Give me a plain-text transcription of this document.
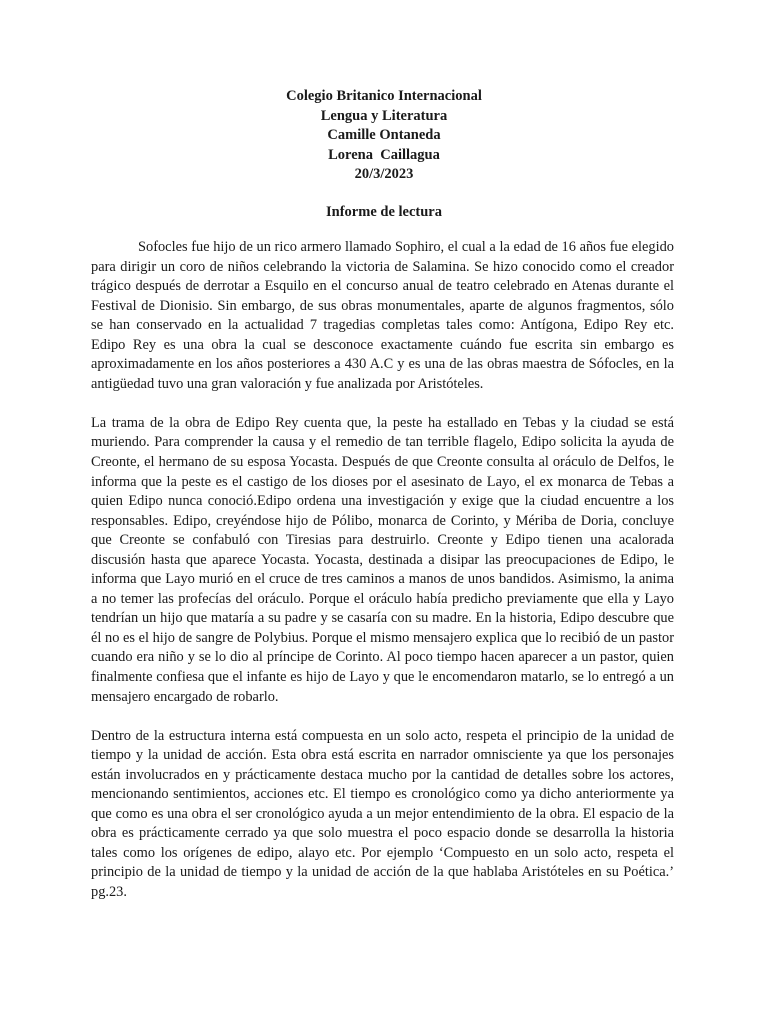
Colegio Britanico Internacional
Lengua y Literatura
Camille Ontaneda
Lorena  Caillagua
20/3/2023
Informe de lectura

Sofocles fue hijo de un rico armero llamado Sophiro, el cual a la edad de 16 años fue elegido para dirigir un coro de niños celebrando la victoria de Salamina. Se hizo conocido como el creador trágico después de derrotar a Esquilo en el concurso anual de teatro celebrado en Atenas durante el Festival de Dionisio. Sin embargo, de sus obras monumentales, aparte de algunos fragmentos, sólo se han conservado en la actualidad 7 tragedias completas tales como: Antígona, Edipo Rey etc. Edipo Rey es una obra la cual se desconoce exactamente cuándo fue escrita sin embargo es aproximadamente en los años posteriores a 430 A.C y es una de las obras maestra de Sófocles, en la antigüedad tuvo una gran valoración y fue analizada por Aristóteles.

La trama de la obra de Edipo Rey cuenta que, la peste ha estallado en Tebas y la ciudad se está muriendo. Para comprender la causa y el remedio de tan terrible flagelo, Edipo solicita la ayuda de Creonte, el hermano de su esposa Yocasta. Después de que Creonte consulta al oráculo de Delfos, le informa que la peste es el castigo de los dioses por el asesinato de Layo, el ex monarca de Tebas a quien Edipo nunca conoció.Edipo ordena una investigación y exige que la ciudad encuentre a los responsables. Edipo, creyéndose hijo de Pólibo, monarca de Corinto, y Mériba de Doria, concluye que Creonte se confabuló con Tiresias para destruirlo. Creonte y Edipo tienen una acalorada discusión hasta que aparece Yocasta. Yocasta, destinada a disipar las preocupaciones de Edipo, le informa que Layo murió en el cruce de tres caminos a manos de unos bandidos. Asimismo, la anima a no temer las profecías del oráculo. Porque el oráculo había predicho previamente que ella y Layo tendrían un hijo que mataría a su padre y se casaría con su madre. En la historia, Edipo descubre que él no es el hijo de sangre de Polybius. Porque el mismo mensajero explica que lo recibió de un pastor cuando era niño y se lo dio al príncipe de Corinto. Al poco tiempo hacen aparecer a un pastor, quien finalmente confiesa que el infante es hijo de Layo y que le encomendaron matarlo, se lo entregó a un mensajero encargado de robarlo.

Dentro de la estructura interna está compuesta en un solo acto, respeta el principio de la unidad de tiempo y la unidad de acción. Esta obra está escrita en narrador omnisciente ya que los personajes están involucrados en y prácticamente destaca mucho por la cantidad de detalles sobre los actores, mencionando sentimientos, acciones etc. El tiempo es cronológico como ya dicho anteriormente ya que como es una obra el ser cronológico ayuda a un mejor entendimiento de la obra. El espacio de la obra es prácticamente cerrado ya que solo muestra el poco espacio donde se desarrolla la historia tales como los orígenes de edipo, alayo etc. Por ejemplo ‘Compuesto en un solo acto, respeta el principio de la unidad de tiempo y la unidad de acción de la que hablaba Aristóteles en su Poética.’ pg.23.
